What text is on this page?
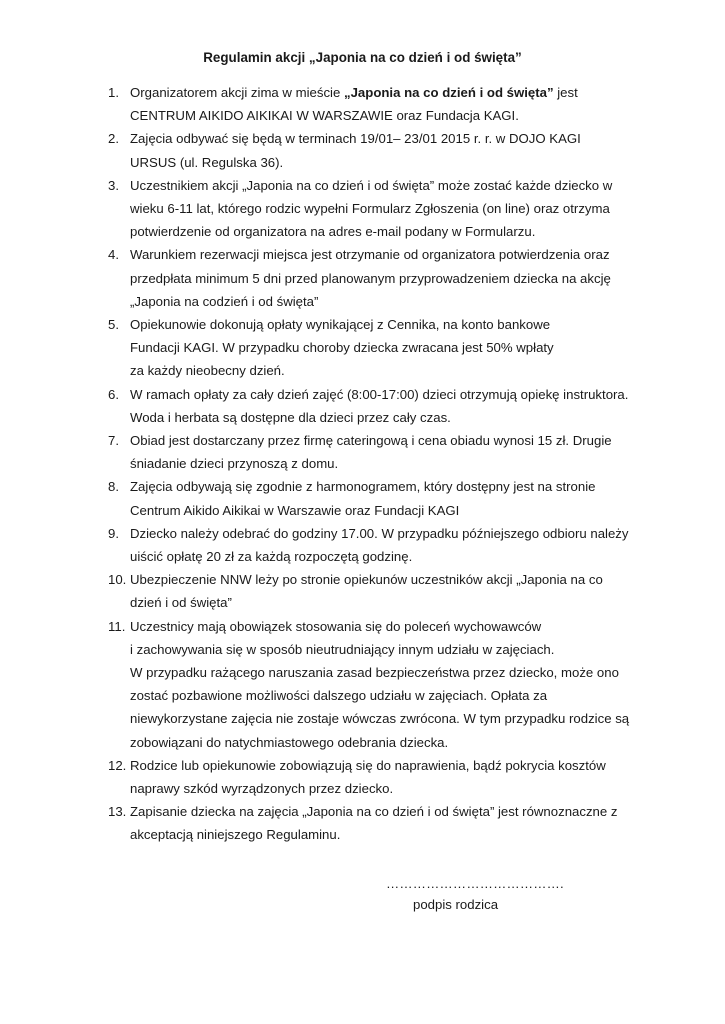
Regulamin akcji „Japonia na co dzień i od święta”
1. Organizatorem akcji zima w mieście „Japonia na co dzień i od święta” jest
CENTRUM AIKIDO AIKIKAI W WARSZAWIE oraz Fundacja KAGI.
2. Zajęcia odbywać się będą w terminach 19/01– 23/01 2015 r. r. w DOJO KAGI
URSUS (ul. Regulska 36).
3. Uczestnikiem akcji „Japonia na co dzień i od święta” może zostać każde dziecko w
wieku 6-11 lat, którego rodzic wypełni Formularz Zgłoszenia (on line) oraz otrzyma
potwierdzenie od organizatora na adres e-mail podany w Formularzu.
4. Warunkiem rezerwacji miejsca jest otrzymanie od organizatora potwierdzenia oraz
przedpłata minimum 5 dni przed planowanym przyprowadzeniem dziecka na akcję
„Japonia na codzień i od święta”
5. Opiekunowie dokonują opłaty wynikającej z Cennika, na konto bankowe
Fundacji KAGI. W przypadku choroby dziecka zwracana jest 50% wpłaty
za każdy nieobecny dzień.
6. W ramach opłaty za cały dzień zajęć (8:00-17:00) dzieci otrzymują opiekę instruktora.
Woda i herbata są dostępne dla dzieci przez cały czas.
7. Obiad jest dostarczany przez firmę cateringową i cena obiadu wynosi 15 zł. Drugie
śniadanie dzieci przynoszą z domu.
8. Zajęcia odbywają się zgodnie z harmonogramem, który dostępny jest na stronie
Centrum Aikido Aikikai w Warszawie oraz Fundacji KAGI
9. Dziecko należy odebrać do godziny 17.00. W przypadku późniejszego odbioru należy
uiścić opłatę 20 zł za każdą rozpoczętą godzinę.
10. Ubezpieczenie NNW leży po stronie opiekunów uczestników akcji „Japonia na co
dzień i od święta”
11. Uczestnicy mają obowiązek stosowania się do poleceń wychowawców
i zachowywania się w sposób nieutrudniający innym udziału w zajęciach.
W przypadku rażącego naruszania zasad bezpieczeństwa przez dziecko, może ono
zostać pozbawione możliwości dalszego udziału w zajęciach. Opłata za
niewykorzystane zajęcia nie zostaje wówczas zwrócona. W tym przypadku rodzice są
zobowiązani do natychmiastowego odebrania dziecka.
12. Rodzice lub opiekunowie zobowiązują się do naprawienia, bądź pokrycia kosztów
naprawy szkód wyrządzonych przez dziecko.
13. Zapisanie dziecka na zajęcia „Japonia na co dzień i od święta” jest równoznaczne z
akceptacją niniejszego Regulaminu.
………………………………….
podpis rodzica
